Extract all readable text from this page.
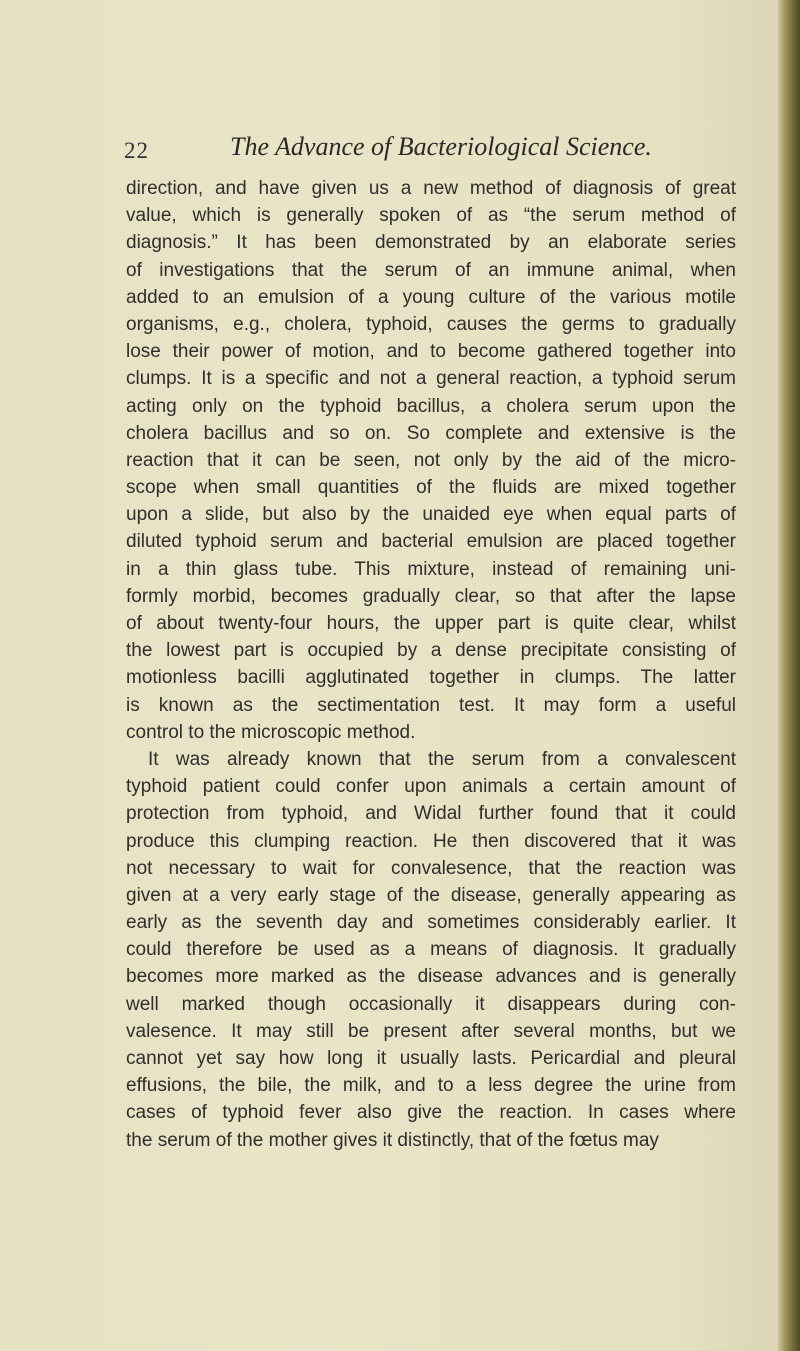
22	The Advance of Bacteriological Science.
direction, and have given us a new method of diagnosis of great
value, which is generally spoken of as “the serum method of
diagnosis.” It has been demonstrated by an elaborate series
of investigations that the serum of an immune animal, when
added to an emulsion of a young culture of the various motile
organisms, e.g., cholera, typhoid, causes the germs to gradually
lose their power of motion, and to become gathered together into
clumps. It is a specific and not a general reaction, a typhoid serum
acting only on the typhoid bacillus, a cholera serum upon the
cholera bacillus and so on. So complete and extensive is the
reaction that it can be seen, not only by the aid of the micro-
scope when small quantities of the fluids are mixed together
upon a slide, but also by the unaided eye when equal parts of
diluted typhoid serum and bacterial emulsion are placed together
in a thin glass tube. This mixture, instead of remaining uni-
formly morbid, becomes gradually clear, so that after the lapse
of about twenty-four hours, the upper part is quite clear, whilst
the lowest part is occupied by a dense precipitate consisting of
motionless bacilli agglutinated together in clumps. The latter
is known as the sectimentation test. It may form a useful
control to the microscopic method.
It was already known that the serum from a convalescent
typhoid patient could confer upon animals a certain amount of
protection from typhoid, and Widal further found that it could
produce this clumping reaction. He then discovered that it was
not necessary to wait for convalesence, that the reaction was
given at a very early stage of the disease, generally appearing as
early as the seventh day and sometimes considerably earlier. It
could therefore be used as a means of diagnosis. It gradually
becomes more marked as the disease advances and is generally
well marked though occasionally it disappears during con-
valesence. It may still be present after several months, but we
cannot yet say how long it usually lasts. Pericardial and pleural
effusions, the bile, the milk, and to a less degree the urine from
cases of typhoid fever also give the reaction. In cases where
the serum of the mother gives it distinctly, that of the fœtus may
